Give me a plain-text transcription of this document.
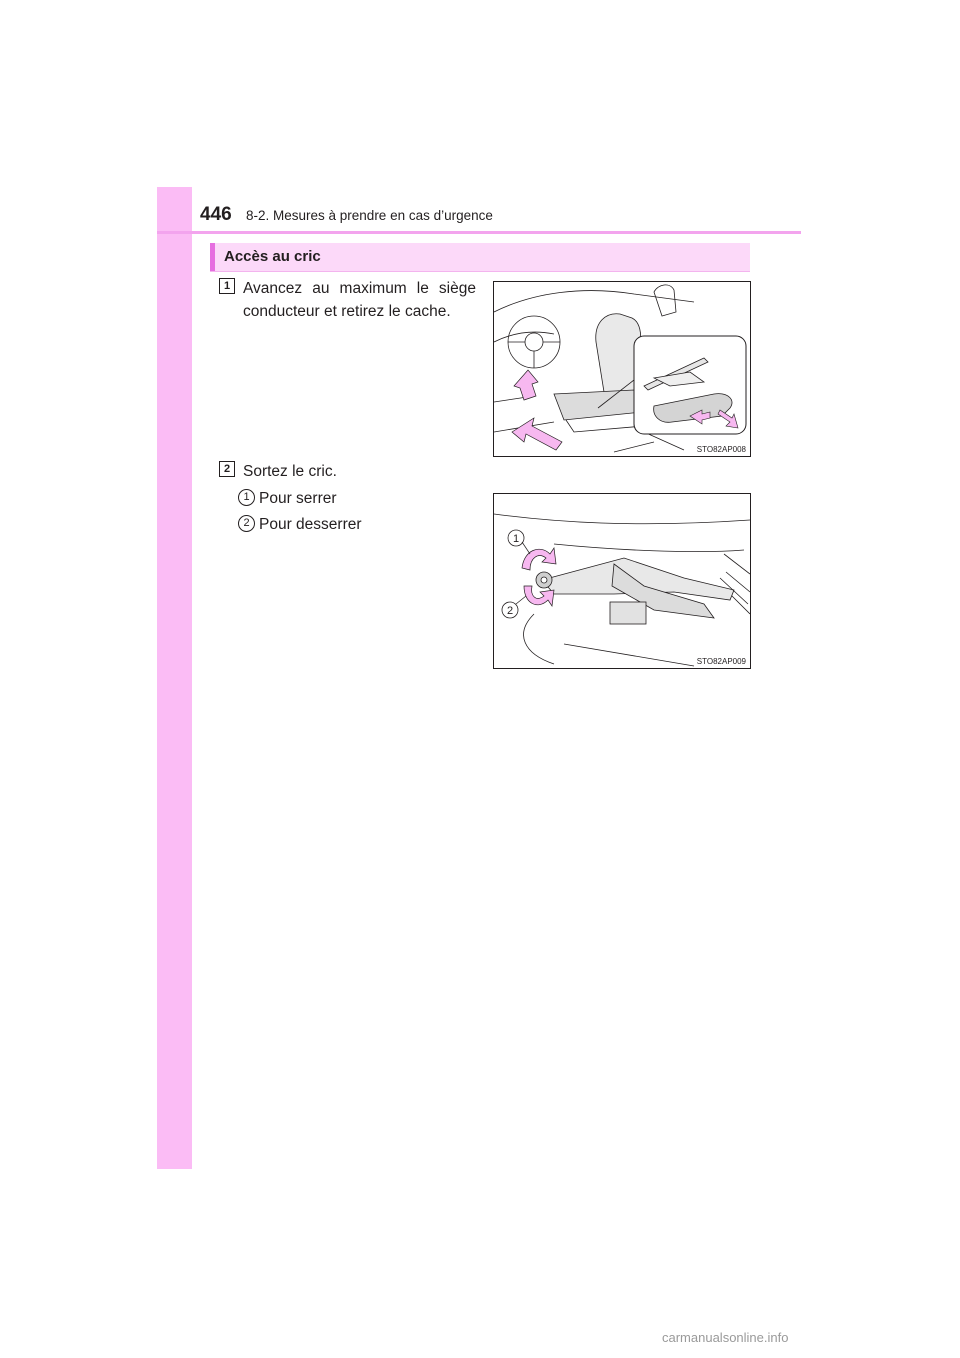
446 8-2. Mesures à prendre en cas d’urgence
Accès au cric
1 Avancez au maximum le siège
conducteur et retirez le cache.
STO82AP008
2 Sortez le cric.
1 Pour serrer
2 Pour desserrer
1
2
STO82AP009
carmanualsonline.info
